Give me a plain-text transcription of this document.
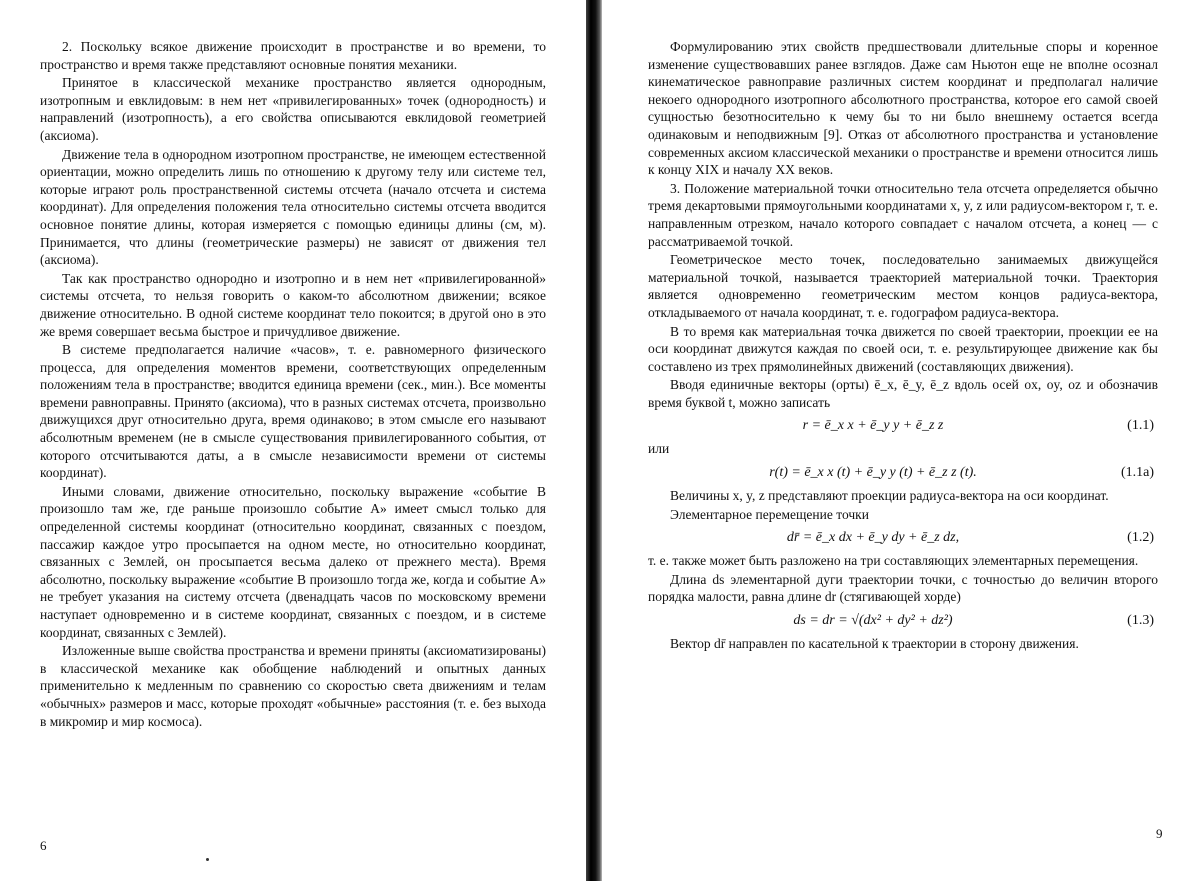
2. Поскольку всякое движение происходит в пространстве и во времени, то пространство и время также представляют основные понятия механики.

Принятое в классической механике пространство является однородным, изотропным и евклидовым: в нем нет «привилегированных» точек (однородность) и направлений (изотропность), а его свойства описываются евклидовой геометрией (аксиома).

Движение тела в однородном изотропном пространстве, не имеющем естественной ориентации, можно определить лишь по отношению к другому телу или системе тел, которые играют роль пространственной системы отсчета (начало отсчета и система координат). Для определения положения тела относительно системы отсчета вводится основное понятие длины, которая измеряется с помощью единицы длины (см, м). Принимается, что длины (геометрические размеры) не зависят от движения тел (аксиома).

Так как пространство однородно и изотропно и в нем нет «привилегированной» системы отсчета, то нельзя говорить о каком-то абсолютном движении; всякое движение относительно. В одной системе координат тело покоится; в другой оно в это же время совершает весьма быстрое и причудливое движение.

В системе предполагается наличие «часов», т. е. равномерного физического процесса, для определения моментов времени, соответствующих определенным положениям тела в пространстве; вводится единица времени (сек., мин.). Все моменты времени равноправны. Принято (аксиома), что в разных системах отсчета, произвольно движущихся друг относительно друга, время одинаково; в этом смысле его называют абсолютным временем (не в смысле существования привилегированного события, от которого отсчитываются даты, а в смысле независимости времени от системы координат).

Иными словами, движение относительно, поскольку выражение «событие B произошло там же, где раньше произошло событие A» имеет смысл только для определенной системы координат (относительно координат, связанных с поездом, пассажир каждое утро просыпается на одном месте, но относительно координат, связанных с Землей, он просыпается весьма далеко от прежнего места). Время абсолютно, поскольку выражение «событие B произошло тогда же, когда и событие A» не требует указания на систему отсчета (двенадцать часов по московскому времени наступает одновременно и в системе координат, связанных с поездом, и в системе координат, связанных с Землей).

Изложенные выше свойства пространства и времени приняты (аксиоматизированы) в классической механике как обобщение наблюдений и опытных данных применительно к медленным по сравнению со скоростью света движениям и телам «обычных» размеров и масс, которые проходят «обычные» расстояния (т. е. без выхода в микромир и мир космоса).

6

Формулированию этих свойств предшествовали длительные споры и коренное изменение существовавших ранее взглядов. Даже сам Ньютон еще не вполне осознал кинематическое равноправие различных систем координат и предполагал наличие некоего однородного изотропного абсолютного пространства, которое его самой своей сущностью безотносительно к чему бы то ни было внешнему остается всегда одинаковым и неподвижным [9]. Отказ от абсолютного пространства и установление современных аксиом классической механики о пространстве и времени относится лишь к концу XIX и началу XX веков.

3. Положение материальной точки относительно тела отсчета определяется обычно тремя декартовыми прямоугольными координатами x, y, z или радиусом-вектором r, т. е. направленным отрезком, начало которого совпадает с началом отсчета, а конец — с рассматриваемой точкой.

Геометрическое место точек, последовательно занимаемых движущейся материальной точкой, называется траекторией материальной точки. Траектория является одновременно геометрическим местом концов радиуса-вектора, откладываемого от начала координат, т. е. годографом радиуса-вектора.

В то время как материальная точка движется по своей траектории, проекции ее на оси координат движутся каждая по своей оси, т. е. результирующее движение как бы составлено из трех прямолинейных движений (составляющих движения).

Вводя единичные векторы (орты) ē_x, ē_y, ē_z вдоль осей ox, oy, oz и обозначив время буквой t, можно записать

r = ē_x x + ē_y y + ē_z z	(1.1)

или

r(t) = ē_x x (t) + ē_y y (t) + ē_z z (t).	(1.1а)

Величины x, y, z представляют проекции радиуса-вектора на оси координат.

Элементарное перемещение точки

dr̄ = ē_x dx + ē_y dy + ē_z dz,	(1.2)

т. е. также может быть разложено на три составляющих элементарных перемещения.

Длина ds элементарной дуги траектории точки, с точностью до величин второго порядка малости, равна длине dr (стягивающей хорде)

ds = dr = √(dx² + dy² + dz²)	(1.3)

Вектор dr̄ направлен по касательной к траектории в сторону движения.

9
